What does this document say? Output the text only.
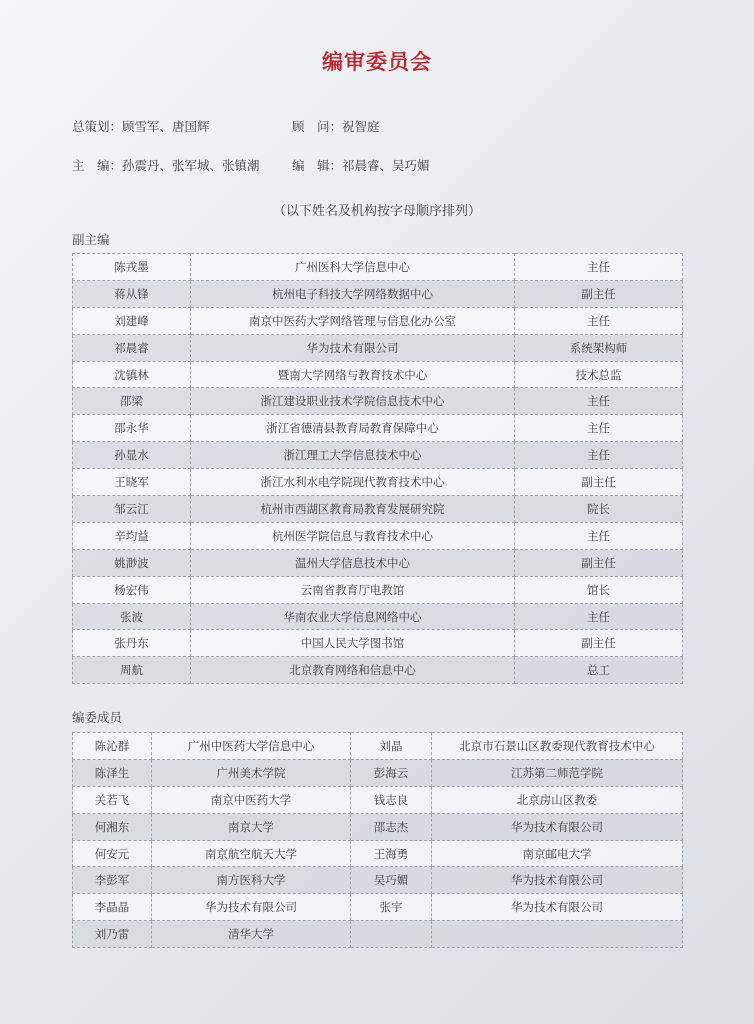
编审委员会
总策划：顾雪军、唐国辉	顾　问：祝智庭
主　编：孙震丹、张军城、张镇潮	编　辑：祁晨睿、吴巧媚
（以下姓名及机构按字母顺序排列）
副主编
陈戎墨	广州医科大学信息中心	主任
蒋从锋	杭州电子科技大学网络数据中心	副主任
刘建峰	南京中医药大学网络管理与信息化办公室	主任
祁晨睿	华为技术有限公司	系统架构师
沈镇林	暨南大学网络与教育技术中心	技术总监
邵梁	浙江建设职业技术学院信息技术中心	主任
邵永华	浙江省德清县教育局教育保障中心	主任
孙显水	浙江理工大学信息技术中心	主任
王晓军	浙江水利水电学院现代教育技术中心	副主任
邹云江	杭州市西湖区教育局教育发展研究院	院长
辛均益	杭州医学院信息与教育技术中心	主任
姚渺波	温州大学信息技术中心	副主任
杨宏伟	云南省教育厅电教馆	馆长
张波	华南农业大学信息网络中心	主任
张丹东	中国人民大学图书馆	副主任
周航	北京教育网络和信息中心	总工
编委成员
陈沁群	广州中医药大学信息中心	刘晶	北京市石景山区教委现代教育技术中心
陈泽生	广州美术学院	彭海云	江苏第二师范学院
关若飞	南京中医药大学	钱志良	北京房山区教委
何湘东	南京大学	邵志杰	华为技术有限公司
何安元	南京航空航天大学	王海勇	南京邮电大学
李彭军	南方医科大学	吴巧媚	华为技术有限公司
李晶晶	华为技术有限公司	张宇	华为技术有限公司
刘乃雷	清华大学		
